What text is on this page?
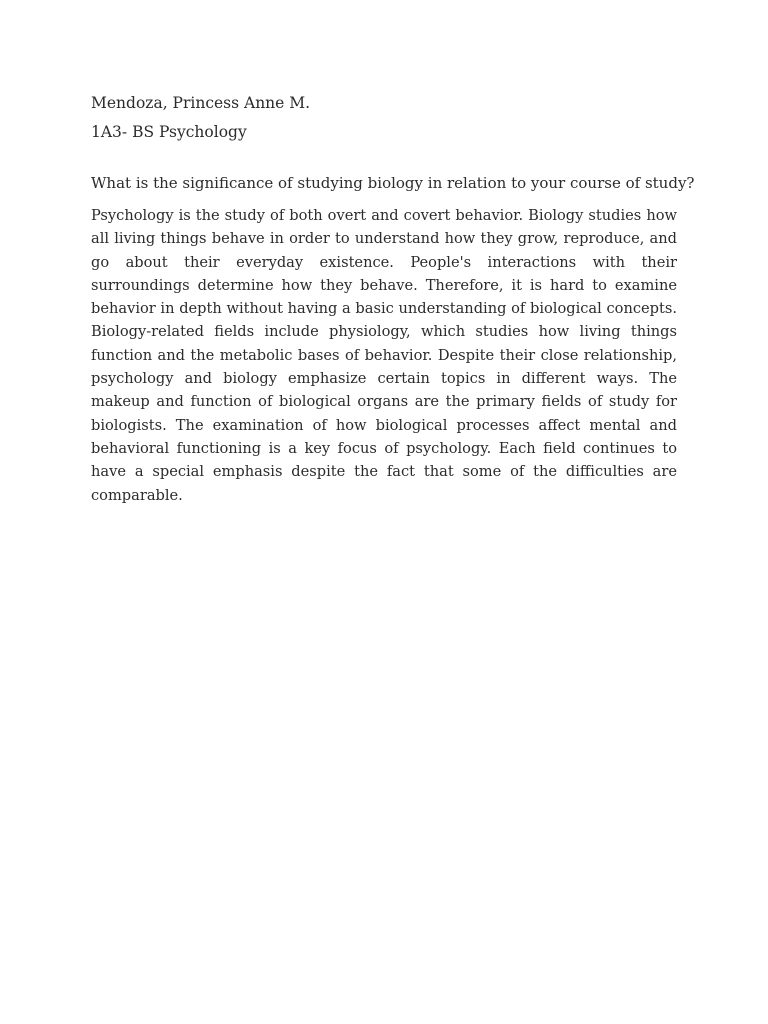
Mendoza, Princess Anne M.

1A3- BS Psychology

What is the significance of studying biology in relation to your course of study?

Psychology is the study of both overt and covert behavior. Biology studies how all living things behave in order to understand how they grow, reproduce, and go about their everyday existence. People's interactions with their surroundings determine how they behave. Therefore, it is hard to examine behavior in depth without having a basic understanding of biological concepts. Biology-related fields include physiology, which studies how living things function and the metabolic bases of behavior. Despite their close relationship, psychology and biology emphasize certain topics in different ways. The makeup and function of biological organs are the primary fields of study for biologists. The examination of how biological processes affect mental and behavioral functioning is a key focus of psychology. Each field continues to have a special emphasis despite the fact that some of the difficulties are comparable.
